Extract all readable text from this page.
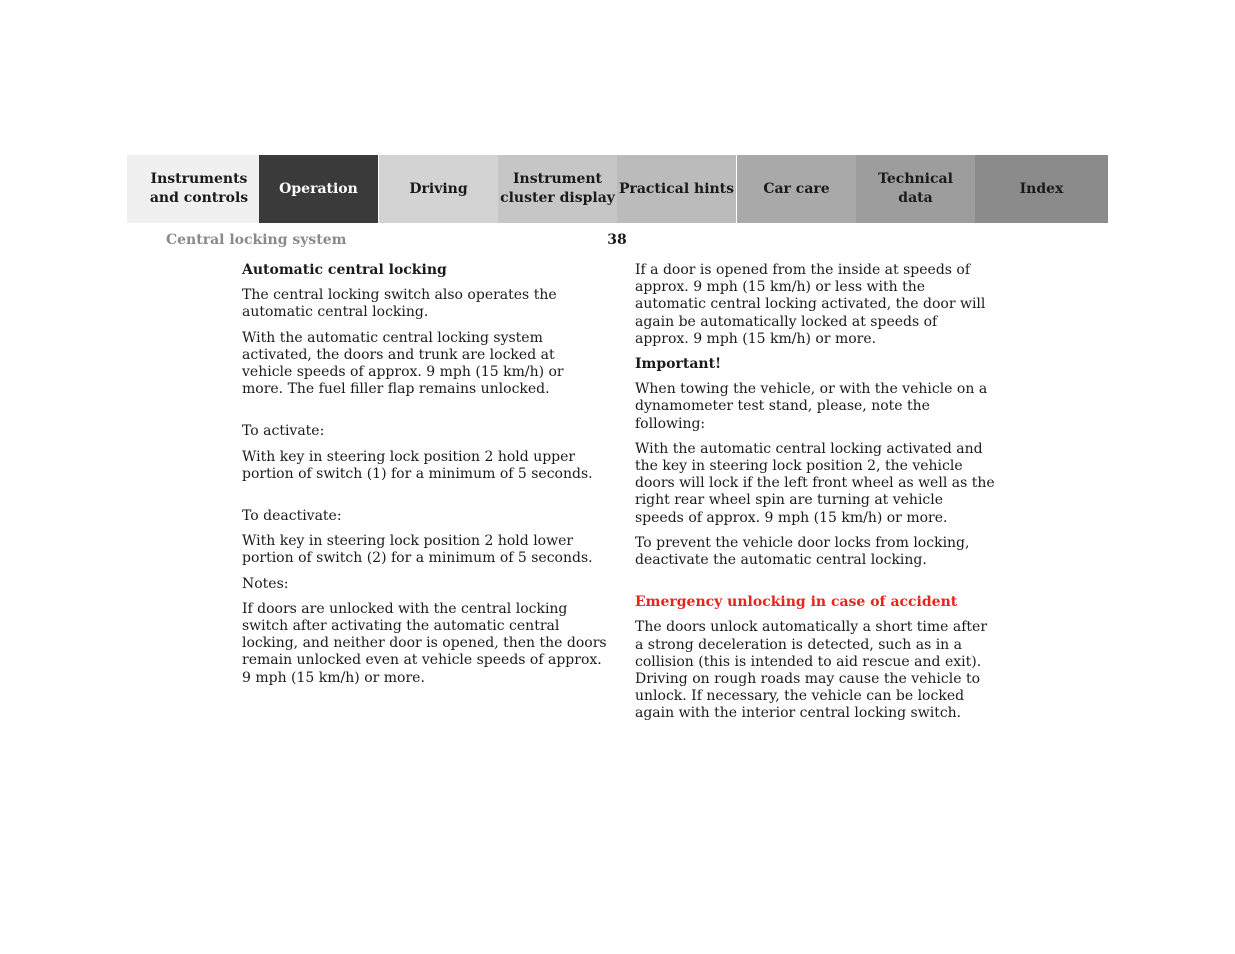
Instruments
and controls
Operation	Driving
Instrument
cluster display
Practical hints	Car care
Technical
data
Index
Central locking system	38
Automatic central locking

The central locking switch also operates the automatic central locking.

With the automatic central locking system activated, the doors and trunk are locked at vehicle speeds of approx. 9 mph (15 km/h) or more. The fuel filler flap remains unlocked.

To activate:

With key in steering lock position 2 hold upper portion of switch (1) for a minimum of 5 seconds.

To deactivate:

With key in steering lock position 2 hold lower portion of switch (2) for a minimum of 5 seconds.

Notes:

If doors are unlocked with the central locking switch after activating the automatic central locking, and neither door is opened, then the doors remain unlocked even at vehicle speeds of approx. 9 mph (15 km/h) or more.

If a door is opened from the inside at speeds of approx. 9 mph (15 km/h) or less with the automatic central locking activated, the door will again be automatically locked at speeds of approx. 9 mph (15 km/h) or more.

Important!

When towing the vehicle, or with the vehicle on a dynamometer test stand, please, note the following:

With the automatic central locking activated and the key in steering lock position 2, the vehicle doors will lock if the left front wheel as well as the right rear wheel spin are turning at vehicle speeds of approx. 9 mph (15 km/h) or more.

To prevent the vehicle door locks from locking, deactivate the automatic central locking.

Emergency unlocking in case of accident

The doors unlock automatically a short time after a strong deceleration is detected, such as in a collision (this is intended to aid rescue and exit). Driving on rough roads may cause the vehicle to unlock. If necessary, the vehicle can be locked again with the interior central locking switch.
